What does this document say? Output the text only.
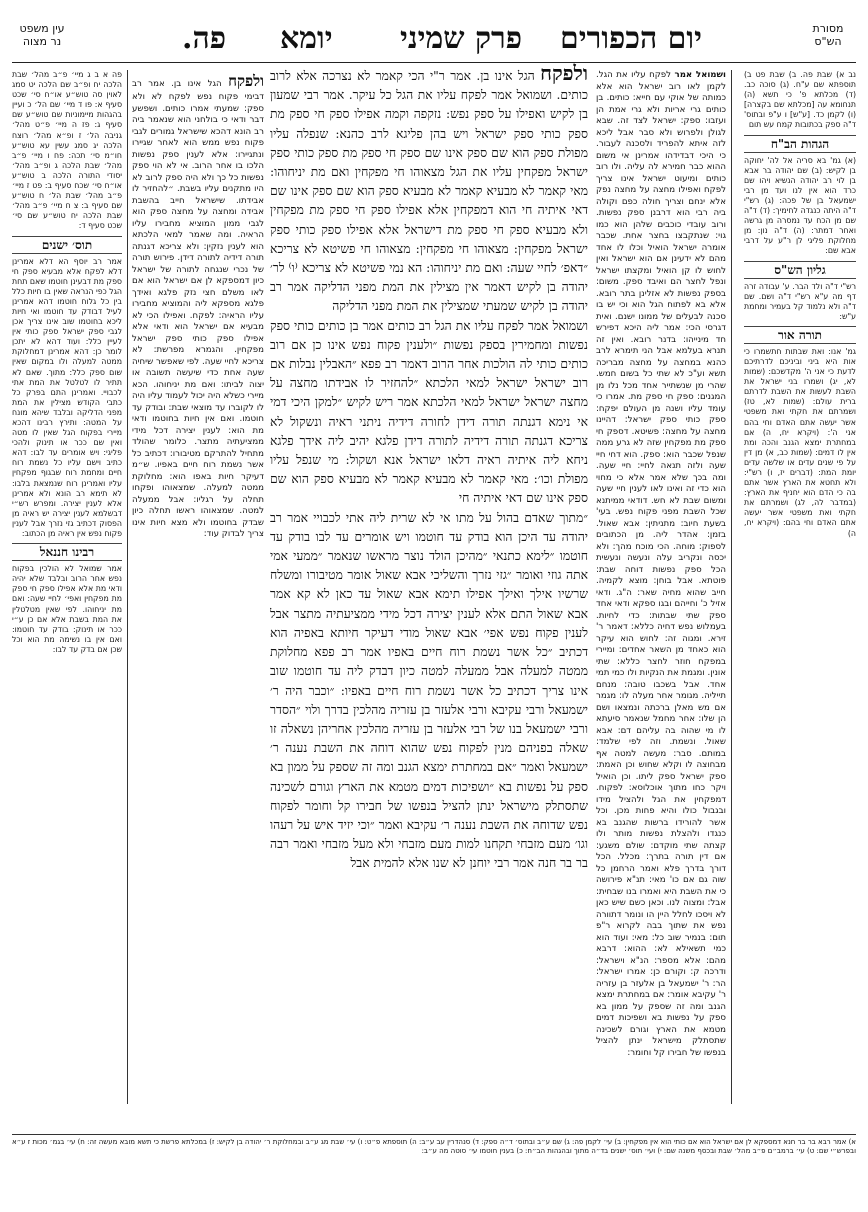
עין משפט
נר מצוה	פה. יומא פרק שמיני יום הכפורים	מסורת
הש"ס

נב א) שבת פה. ב) שבת פט ב) תוספתא שם ע"ח. (ג) סוכה כב. (ד) מכלתא פ' כי תשא (ה) תנחומא עה [מכלתא שם בקצרה] (ו) לקמן כד. [ע"ש] ו ע"פ ובתוס' ד"ה ספק בכתובות קמח עש תום

הגהות הב"ח

(א) גמ' בא סריה אל לה' יחוקה בן לקיש: (ב) שם יהודה בר אבא בן לוי רב יהודה הנשיא ויהו שם כרד הוא אין לנו ועד מן רבי ישמעאל בן של פכה: (ג) רש"י ד"ה היתה כנגדה לחימיך: (ד) ד"ה שם מן הכח עד נמסרה מן גרשה ואחר דמתר: (ה) ד"ה נון: מן מחלוקת פליגי לן ר"ע על דרבי אבא שם:

גליון הש"ס

רש"י ד"ה ולד הבר. ע' עבודה זרה דף מה ע"א רש"י ד"ה ושם. שם ד"ה ולא נלמוד קל בעמיר ומחמת ע"ש:

תורה אור

גמ' אנו: ואת שבתות חתשמרו כי אות היא ביני וביניכם לדרתיכם לדעת כי אני ה' מקדשכם: (שמות לא, יג) ושמרו בני ישראל את השבת לעשות את השבת לדרתם ברית עולם: (שמות לא, טז) ושמרתם את חקתי ואת משפטי אשר יעשה אתם האדם וחי בהם אני ה': (ויקרא יח, ה) אם במחתרת ימצא הגנב והכה ומת אין לו דמים: (שמות כב, א) מן דין על פי שנים עדים או שלשה עדים יומת המת: (דברים יז, ו) רש"י: ולא תחטא את הארץ אשר אתם בה כי הדם הוא יחניף את הארץ: (במדבר לה, לג) ושמרתם את חקתי ואת משפטי אשר יעשה אתם האדם וחי בהם: (ויקרא יח, ה)

ושמואל אמר לפקח עליו את הגל. לקמן לאו רוב ישראל הוא אלא כמותה של אוקי עם חייא: כותים. בן כותים גרי אריות ולא גרי אמת הן ועזבו: ספק: ישראל לצד זה. שבא לגולן ולפרוש ולא סבר אבל ליכא לזה איתא להפריד ולסכנה לעבור. כי היכי דבדידהו אמרינן אי משום ההוא כבר חמירא לה עליה. ולו רוב כותים ומיעוט ישראל אינו צריך לפקח ואפילו מחצה על מחצה נפק אלא ינחם וצריך חולה כפם וקולה ביה רבי הוא דרבנן ספק נפשות. ורוב עובדי כוכבים שלהן הוא כמו גוי: שנתקבצו בחצר אחת. שכבר אומרה ישראל הואיל וכלו לו אחד מהם לא ידעינן אם הוא ישראל ואין לחוש לו קן הואיל ומקצתו ישראל ונפל לחצר הם ואיבד ספק. משום: בספק נפשות לא אזלינן בתר רובא. אלא בא לפתוח הגל הוא וכי יש בו סכנה לבעלים של ממונו ישנם. ואית דגרסי הכי: אמר ליה היכא דפירש חד מינייהו: בדנר רובא. ואין זה תנרא בעלמא אבל הני תימרא לרב כהנא במחצה על מחצה מבריכה תשא וע"כ לא שתי כל בשום חמש. שהרי מן שנשתייר אחד מכל נלו מן המגנים: ספק חי ספק מת. אמרו כי עומד עליו ושנה מן העולם יפקח: ספק כותי ספק ישראל: דהיינו מחצה על מחצה: פשיטא. דספק חי ספק מת מפקחין שזה לא גרע ממה שנפל שכבר הוא: ספק. הוא דחי חיי שעה ולזה תנאה לחיי: חיי שעה. ומה בכך שלא אמר אלא כי מחוי הוא כדי זה ואינו לאו לענין חיי שעה ומשום שבת לא חש. דודאי ממיתנא שכל השבת מפני פקוח נפש. בעי' בשעת חיוב: מתניתין: אבא שאול. בזמן: אהדר ליה. מן הכתובים לספוק: מוחה. הכי מוכח מהך: ולא יכסה ונקריב עלה ונעשה ונעשית הכל ספק נפשות דוחה שבת: פוטתא. אבל בוחן: מוצא לקמיה. חייב שהוא מחיה שאר: ה"ג. ודאי אזיל כ' וחייהם ובגו ספקא ודאי אחד ספק שתי שבתות: כדי לחיות. בעמלוש נפש דחיה כללא: דאמר ר' זירא. ומגוה זה: לחוש הוא עיקר הוא כאחד מן השאר אחדים: ומיירי במפקח חוזר לחצר כללא: שתי אונין. ומגמת את הנקיות ולו כמי תמי אחד. אבל בשכבו טובה: מנחם תייליה. מגומר אחר מעלה לו: מגמר אם מש מאלן ברכתה ונמצאו ושם הן שלו: אחר מחמל שנאמר סיעתא לו מי שהוה בה עליהם דם: אבא שאול. ונשמת. וזה לפי שלמד: במותם. סבר: מעשה למטה אף מבחוצה לו וקלא שחוש וכן האמת: ספק ישראל ספק ליתו. וכן הואיל ויקר כחו מתוך אוכלוסא: לפקוח. דמפקחין את הגל ולהציל מידו ובגבול כולו והיא פחות מכן. וכל אשר להורידו ברשות שהגנב בא כנגדו ולהצלת נפשות מותר ולו קצתה שתי מוקדם: שולם משגע: אם דין תורה בתרך: מכלל. הכל דורך בדרך פלא ואמר הרחמן כל שוה גם אם כו' מאי: תנ"א פירושה כי את השבת היא ואמרו בנו שבחית: אבל: ומצוה לנו. וכאן כשם שיש כאן לא ויסכו לחלל היין הו ונומר דתוורה נפש את שתוך בבה לקרוא ר"פ תום: בנמיר שוב כל: מאי: ועוד הוא כמי תשאילא לא: ההוא: דרבא מהם: אלא מספר: הנ"א וישראל: ודרכה ק: וקורם כן: אמרו ישראל: הר: ר' ישמעאל בן אלעזר בן עזריה ר' עקיבא אומר: אם במחתרת ימצא הגנב ומה זה שספק על ממון בא ספק על נפשות בא ושפיכות דמים מטמא את הארץ וגורם לשכינה שתסתלק מישראל ינתן להציל בנפשו של חבירו קל וחומר:

ולפקח הגל אינו בן. אמר ר"י הכי קאמר לא נצרכה אלא לרוב כותים. ושמואל אמר לפקח עליו את הגל כל עיקר. אמר רבי שמעון בן לקיש ואפילו על ספק נפש: נזקפה וקמה אפילו ספק חי ספק מת ספק כותי ספק ישראל ויש בהן פליגא לרב כהנא: שנפלה עליו מפולת ספק הוא שם ספק אינו שם ספק חי ספק מת ספק כותי ספק ישראל מפקחין עליו את הגל מצאוהו חי מפקחין ואם מת יניחוהו: מאי קאמר לא מבעיא קאמר לא מבעיא ספק הוא שם ספק אינו שם דאי איתיה חי הוא דמפקחין אלא אפילו ספק חי ספק מת מפקחין ולא מבעיא ספק חי ספק מת דישראל אלא אפילו ספק כותי ספק ישראל מפקחין: מצאוהו חי מפקחין: מצאוהו חי פשיטא לא צריכא ״דאפ׳ לחיי שעה: ואם מת יניחוהו: הא נמי פשיטא לא צריכא ⁽ו⁾ לר׳ יהודה בן לקיש דאמר אין מצילין את המת מפני הדליקה אמר רב יהודה בן לקיש שמעתי שמצילין את המת מפני הדליקה

ושמואל אמר לפקח עליו את הגל רב כותים אמר בן כותים כותי ספק נפשות ומחמירין בספק נפשות ״ולענין פקוח נפש אינו כן אם רוב כותים כותי לה הולכות אחר הרוב דאמר רב פפא ״האבלין נבלות אם רוב ישראל ישראל למאי הלכתא ״להחזיר לו אבידתו מחצה על מחצה ישראל ישראל למאי הלכתא אמר ריש לקיש ״למקן היכי דמי אי נימא דגנתה תורה דידן לחורה דידיה ניתני ראיה ונשקול לא צריכא דגנתה תורה דידיה לתורה דידן פלגא יהיב ליה אידך פלגא ניחא ליה איתיה ראיה דלאו ישראל אנא ושקול: מי שנפל עליו מפולת וכו׳: מאי קאמר לא מבעיא קאמר לא מבעיא ספק הוא שם ספק אינו שם דאי איתיה חי

״מתוך שאדם בהול על מתו אי לא שרית ליה אתי לכבויי אמר רב יהודה עד היכן הוא בודק עד חוטמו ויש אומרים עד לבו בודק עד חוטמו ״לימא כתנאי ״מהיכן הולד נוצר מראשו שנאמר ״ממעי אמי אתה גוזי ואומר ״גזי נזרך והשליכי אבא שאול אומר מטיבורו ומשלח שרשיו אילך ואילך אפילו תימא אבא שאול עד כאן לא קא אמר אבא שאול התם אלא לענין יצירה דכל מידי ממציעתיה מתצר אבל לענין פקוח נפש אפי׳ אבא שאול מודי דעיקר חיותא באפיה הוא דכתיב ״כל אשר נשמת רוח חיים באפיו אמר רב פפא מחלוקת ממטה למעלה אבל ממעלה למטה כיון דבדק ליה עד חוטמו שוב אינו צריך דכתיב כל אשר נשמת רוח חיים באפיו: ״וכבר היה ר׳ ישמעאל ורבי עקיבא ורבי אלעזר בן עזריה מהלכין בדרך ולוי ״הסדר ורבי ישמעאל בנו של רבי אלעזר בן עזריה מהלכין אחריהן נשאלה זו שאלה בפניהם מנין לפקוח נפש שהוא דוחה את השבת נענה ר׳ ישמעאל ואמר ״אם במחתרת ימצא הגנב ומה זה שספק על ממון בא ספק על נפשות בא ״ושפיכות דמים מטמא את הארץ וגורם לשכינה שתסתלק מישראל ינתן להציל בנפשו של חבירו קל וחומר לפקוח נפש שדוחה את השבת נענה ר׳ עקיבא ואמר ״וכי יזיד איש על רעהו וגו׳ מעם מזבחי תקחנו למות מעם מזבחי ולא מעל מזבחי ואמר רבה בר בר חנה אמר רבי יוחנן לא שנו אלא להמית אבל

ולפקח הגל אינו בן. אמר רב דבימי פקוח נפש לפקח לא ולא ספק: שמעתי אמרו כותים. ושפשע דבר ודאי כי בולחני הוא שנאמר ביה רב הונא דהכא שישראל גמורים לגבי פקוח נפש ממש הוא לאחר שגיירו ונתגיירו: אלא לענין ספק נפשות הלכו בו אחר הרוב. אי לא הוי ספק נפשות כל כך ולא היה ספק לרוב לא היו מתקנים עליו בשבת. ״להחזיר לו אבידתו. שישראל חייב בהשבת אבידה ומחצה על מחצה ספק הוא לגבי ממון המוציא מחבירו עליו הראיה. ומה שאמר למאי הלכתא הוא לענין נזקין: ולא צריכא דגנתה תורה דידיה לתורה דידן. פירוש תורה של נכרי שנגחה לתורה של ישראל כיון דמספקא לן אם ישראל הוא אם לאו משלם חצי נזק פלגא ואידך פלגא מספקא ליה והמוציא מחבירו עליו הראיה: לפקח. ואפילו הכי לא מבעיא אם ישראל הוא ודאי אלא אפילו ספק כותי ספק ישראל מפקחין. והגמרא מפרשת: לא צריכא לחיי שעה. לפי שאפשר שיחיה שעה אחת כדי שיעשה תשובה או יצוה לביתו: ואם מת יניחוהו. הכא מיירי כשלא היה יכול לעמוד עליו היה לו לקוברו עד מוצאי שבת: ובודק עד חוטמו. ואם אין חיות בחוטמו ודאי מת הוא: לענין יצירה דכל מידי ממציעתיה מתצר. כלומר שהולד מתחיל להתרקם מטיבורו: דכתיב כל אשר נשמת רוח חיים באפיו. ש״מ דעיקר חיות באפו הוא: מחלוקת ממטה למעלה. שמצאוהו ופקחו תחלה על רגליו: אבל ממעלה למטה. שמצאוהו ראשו תחלה כיון שבדק בחוטמו ולא מצא חיות אינו צריך לבדוק עוד:

פה א ב ג מיי׳ פ״ב מהל׳ שבת הלכה יח ופ״ב שם הלכה יט סמג לאוין סה טוש״ע או״ח סי׳ שכט סעיף א: פו ד מיי׳ שם הל׳ כ ועיין בהגהות מיימוניות שם טוש״ע שם סעיף ג: פז ה מיי׳ פ״ט מהל׳ גניבה הל׳ ז ופ״א מהל׳ רוצח הלכה יג סמג עשין עא טוש״ע חו״מ סי׳ תכה: פח ו מיי׳ פ״ב מהל׳ שבת הלכה ג ופ״ב מהל׳ יסודי התורה הלכה ב טוש״ע או״ח סי׳ שכח סעיף ב: פט ז מיי׳ פ״ב מהל׳ שבת הל׳ ח טוש״ע שם סעיף ב: צ ח מיי׳ פ״ב מהל׳ שבת הלכה יח טוש״ע שם סי׳ שכט סעיף ד:

תוס׳ ישנים

אמר רב יוסף הא דלא אמרינן דלא לפקח אלא מבעיא ספק חי ספק מת דבעינן חוטמו שאם תחת הגל כפי הנראה שאין בו חיות כלל בין כל גלוח חוטמו דהא אמרינן לעיל דבודק עד חוטמו ואי חיות ליכא בחוטמו שוב אינו צריך אכן לגבי ספק ישראל ספק כותי אין לעיין כלל: ועוד דהא לא יתכן לומר כן: דהא אמרינן דמחלוקת ממטה למעלה ולו במקום שאין שום ספק כלל: מתוך. שאם לא תתיר לו לטלטל את המת אתי לכבויי. ואמרינן התם בפרק כל כתבי הקודש מצילין את המת מפני הדליקה ובלבד שיהא מונח על המטה: ותירץ רבינו דהכא מיירי בפקוח הגל שאין לו מטה ואין שם ככר או תינוק ולהכי פליגי: ויש אומרים עד לבו: דהא כתיב וישם עליו כל נשמת רוח חיים ומחמת רוח שבגוף מפקחין עליו ואמרינן רוח שנמצאת בלבו: לא תימא רב הונא ולא אמרינן אלא לענין יצירה. ומפרש רש״י דבשלמא לענין יצירה יש ראיה מן הפסוק דכתיב גזי נזרך אבל לענין פקוח נפש אין ראיה מן הכתוב:

רבינו חננאל

אמר שמואל לא הולכין בפקוח נפש אחר הרוב ובלבד שלא יהיה ודאי מת אלא אפילו ספק חי ספק מת מפקחין ואפי׳ לחיי שעה: ואם מת יניחוהו. לפי שאין מטלטלין את המת בשבת אלא אם כן ע״י ככר או תינוק: בודק עד חוטמו: ואם אין בו נשימה מת הוא וכל שכן אם בדק עד לבו:

א) אמר רבא בר בר חנא דמספקא לן אם ישראל הוא אם כותי הוא אין מפקחין: ב) עי׳ לקמן פה: ג) שם ע״ב ובתוס׳ ד״ה ספק: ד) סנהדרין עב ע״ב: ה) תוספתא פ״ט: ו) עי׳ שבת מג ע״ב ובמחלוקת ר׳ יהודה בן לקיש: ז) במכלתא פרשת כי תשא מובא מעשה זה: ח) עי׳ בגמ׳ מכות ז ע״א ובפרש״י שם: ט) עי׳ ברמב״ם פ״ב מהל׳ שבת ובכסף משנה שם: י) ועי׳ תוס׳ ישנים בד״ה מתוך ובהגהות הב״ח: כ) בענין חוטמו עי׳ סוטה מה ע״ב:
